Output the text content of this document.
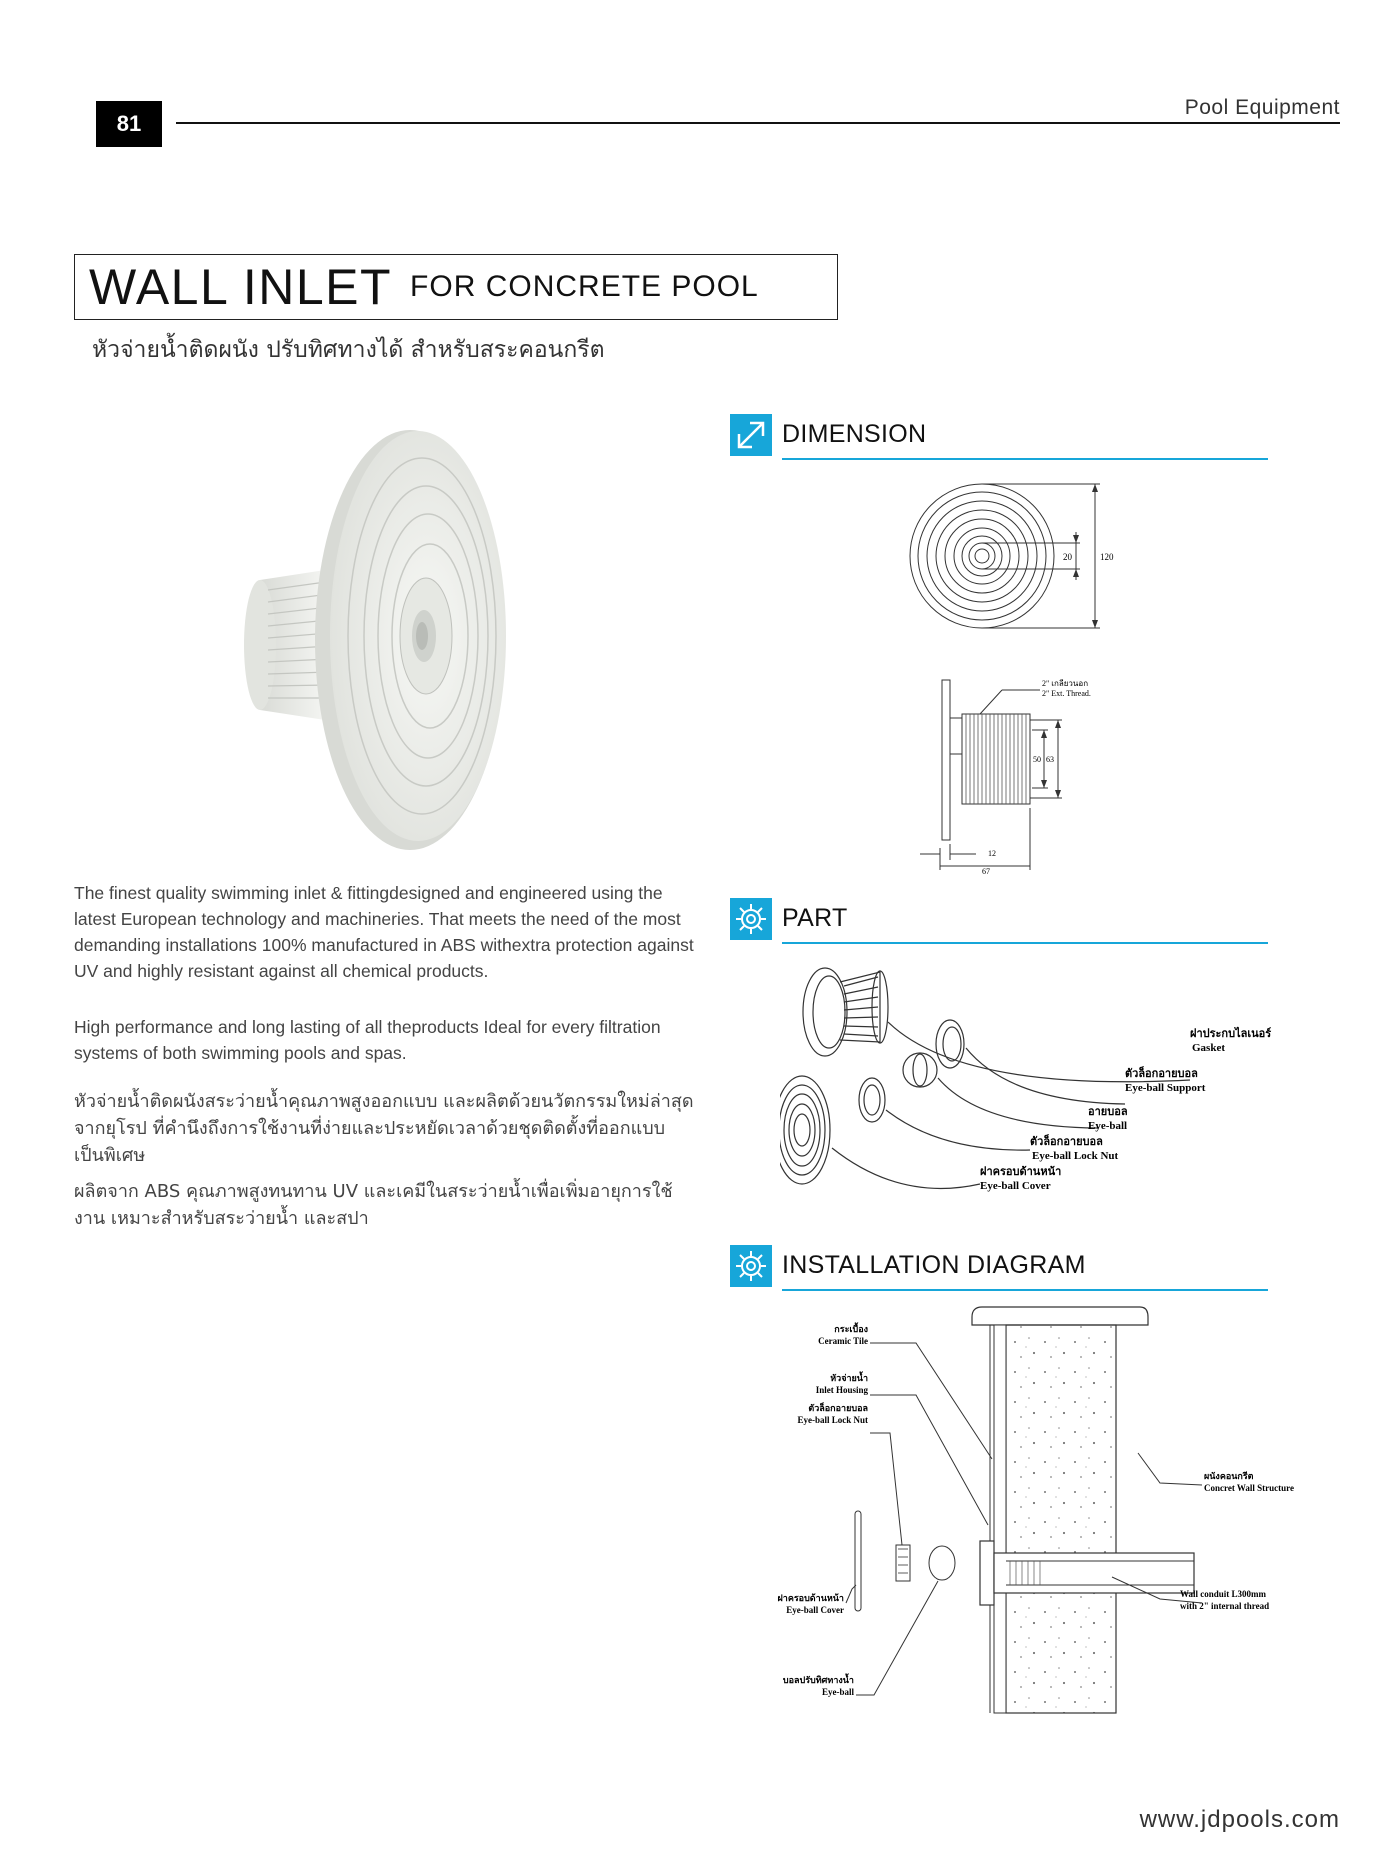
81
Pool Equipment
WALL INLET FOR CONCRETE POOL
หัวจ่ายน้ำติดผนัง ปรับทิศทางได้ สำหรับสระคอนกรีต

The finest quality swimming inlet & fittingdesigned and engineered using the latest European technology and machineries. That meets the need of the most demanding installations 100% manufactured in ABS withextra protection against UV and highly resistant against all chemical products.

High performance and long lasting of all theproducts Ideal for every filtration systems of both swimming pools and spas.

หัวจ่ายน้ำติดผนังสระว่ายน้ำคุณภาพสูงออกแบบ และผลิตด้วยนวัตกรรมใหม่ล่าสุดจากยุโรป ที่คำนึงถึงการใช้งานที่ง่ายและประหยัดเวลาด้วยชุดติดตั้งที่ออกแบบเป็นพิเศษ

ผลิตจาก ABS คุณภาพสูงทนทาน UV และเคมีในสระว่ายน้ำเพื่อเพิ่มอายุการใช้งาน เหมาะสำหรับสระว่ายน้ำ และสปา

DIMENSION
20	120
2" เกลียวนอก
2" Ext. Thread.
50 63
12
67
PART
ฝาประกบไลเนอร์
Gasket
ตัวล็อกอายบอล
Eye-ball Support
อายบอล
Eye-ball
ตัวล็อกอายบอล
Eye-ball Lock Nut
ฝาครอบด้านหน้า
Eye-ball Cover
INSTALLATION DIAGRAM
กระเบื้อง
Ceramic Tile
หัวจ่ายน้ำ
Inlet Housing
ตัวล็อกอายบอล
Eye-ball Lock Nut
ผนังคอนกรีต
Concret Wall Structure
Wall conduit L300mm
with 2" internal thread
ฝาครอบด้านหน้า
Eye-ball Cover
บอลปรับทิศทางน้ำ
Eye-ball
www.jdpools.com
